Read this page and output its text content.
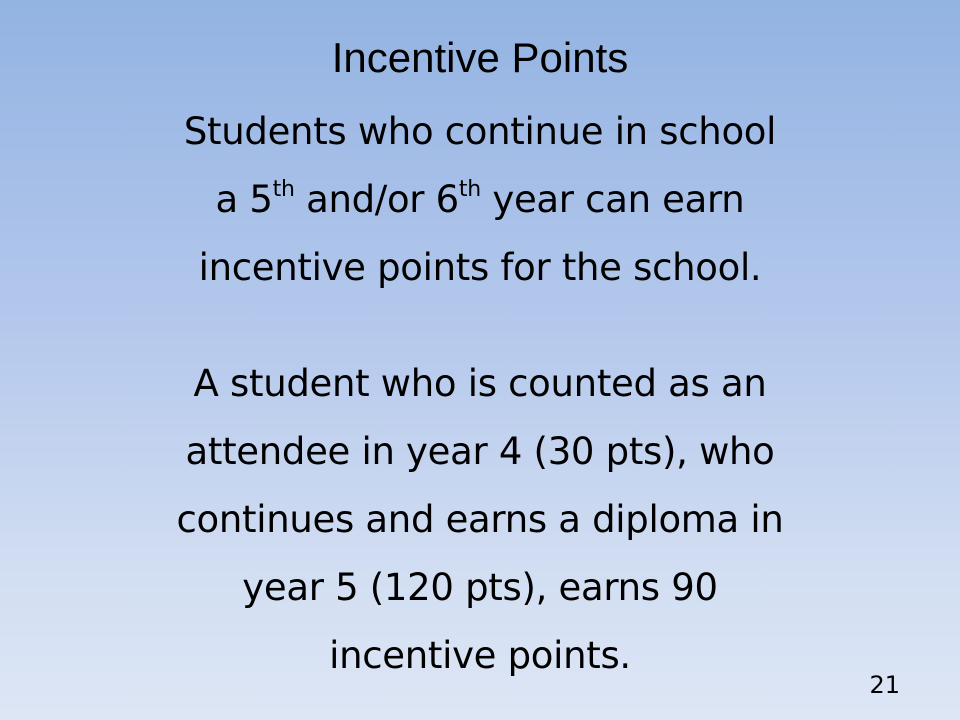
Incentive Points
Students who continue in school
a 5th and/or 6th year can earn
incentive points for the school.
A student who is counted as an
attendee in year 4 (30 pts), who
continues and earns a diploma in
year 5 (120 pts), earns 90
incentive points.
21
